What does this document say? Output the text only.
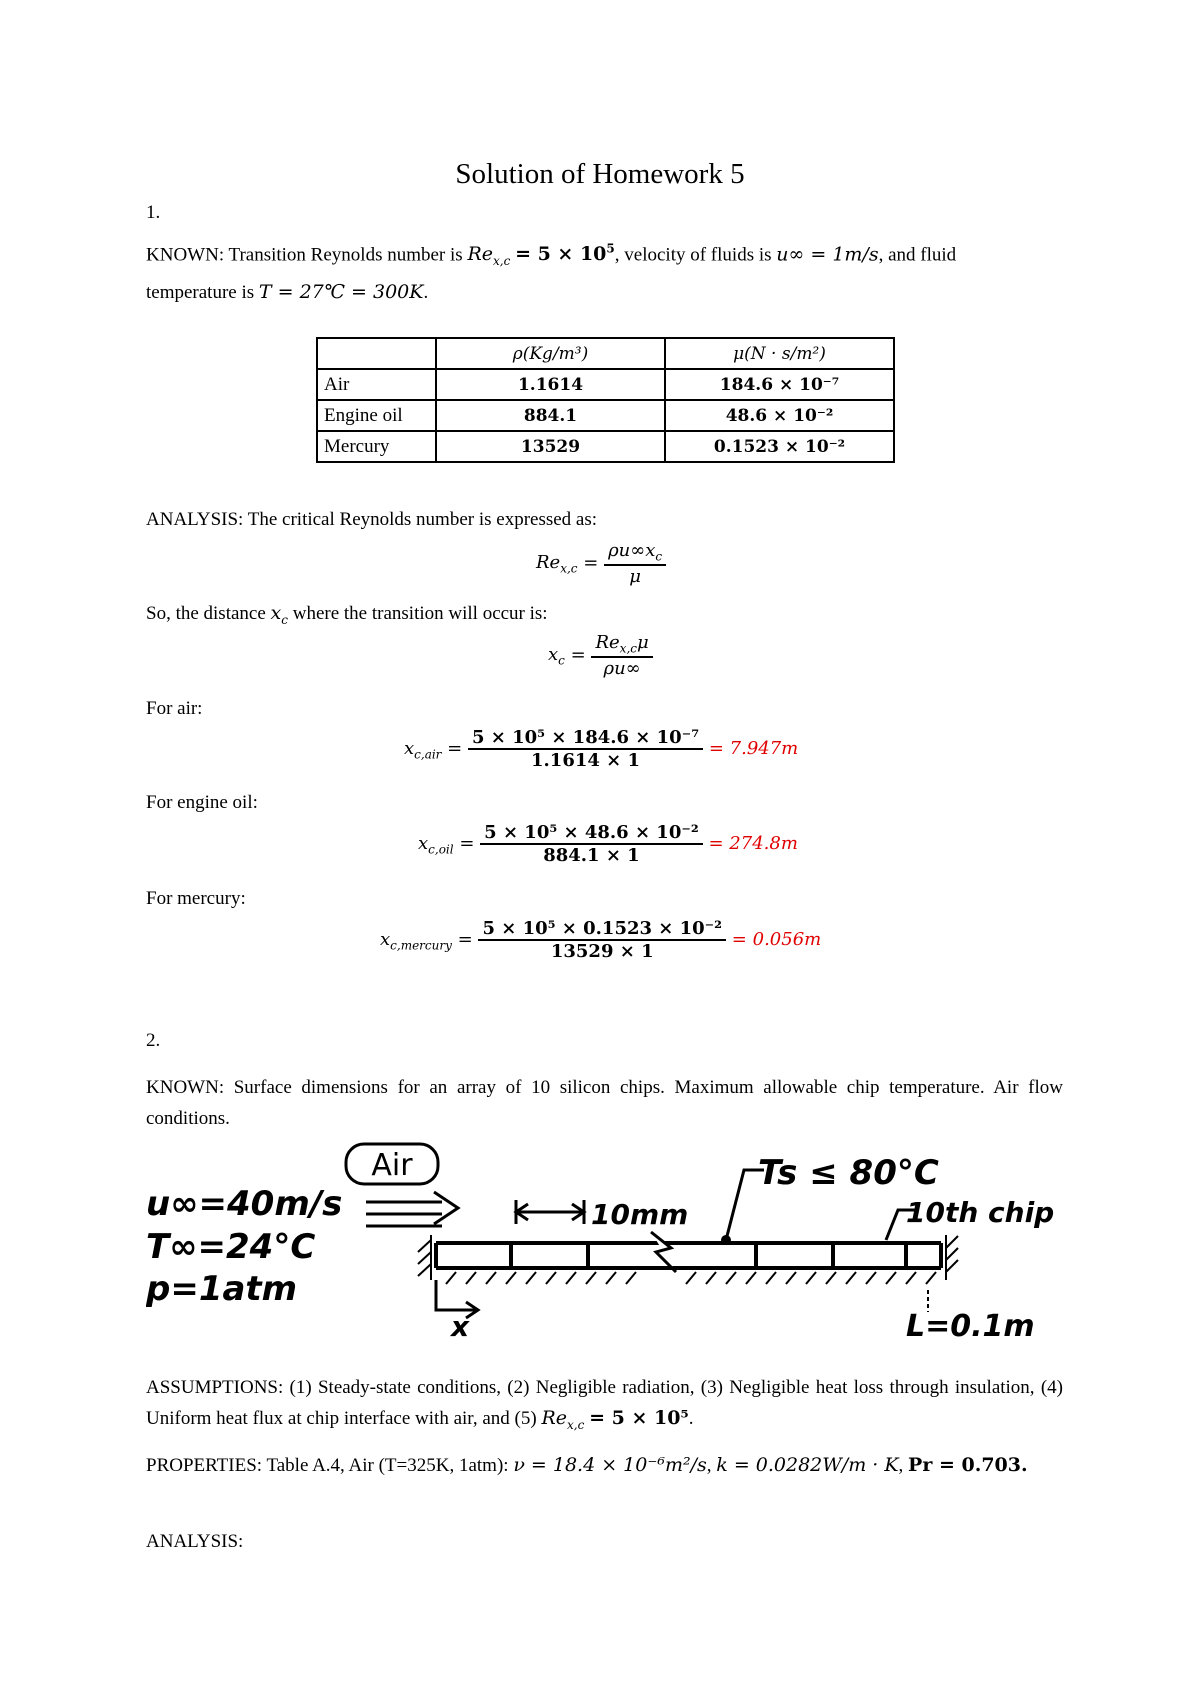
Solution of Homework 5
1.
KNOWN: Transition Reynolds number is $Re_{x,c} = 5 \times 10^5$, velocity of fluids is u∞ = 1m/s, and fluid
temperature is T = 27℃ = 300K.
	ρ(Kg/m³)	μ(N · s/m²)
Air	1.1614	184.6 × 10⁻⁷
Engine oil	884.1	48.6 × 10⁻²
Mercury	13529	0.1523 × 10⁻²
ANALYSIS: The critical Reynolds number is expressed as:
$Re_{x,c} = \frac{\rho u\infty x_c}{\mu}$
So, the distance $x_c$ where the transition will occur is:
$x_c = \frac{Re_{x,c}\mu}{\rho u\infty}$
For air:
$x_{c,air} = \frac{\text{5 × 10⁵ × 184.6 × 10⁻⁷}}{1.1614 \times 1} = 7.947m$
For engine oil:
$x_{c,oil} = \frac{\text{5 × 10⁵ × 48.6 × 10⁻²}}{884.1 \times 1} = 274.8m$
For mercury:
$x_{c,mercury} = \frac{\text{5 × 10⁵ × 0.1523 × 10⁻²}}{13529 \times 1} = 0.056m$
2.
KNOWN: Surface dimensions for an array of 10 silicon chips. Maximum allowable chip temperature. Air flow conditions.
Air
u∞=40m/s
T∞=24°C
p=1atm
10mm
Ts ≤ 80°C
10th chip
x	L=0.1m
ASSUMPTIONS: (1) Steady-state conditions, (2) Negligible radiation, (3) Negligible heat loss through insulation, (4) Uniform heat flux at chip interface with air, and (5) $Re_{x,c} = 5 \times 10^5$.
PROPERTIES: Table A.4, Air (T=325K, 1atm): ν = 18.4 × 10⁻⁶m²/s, k = 0.0282W/m · K, Pr = 0.703.
ANALYSIS:
